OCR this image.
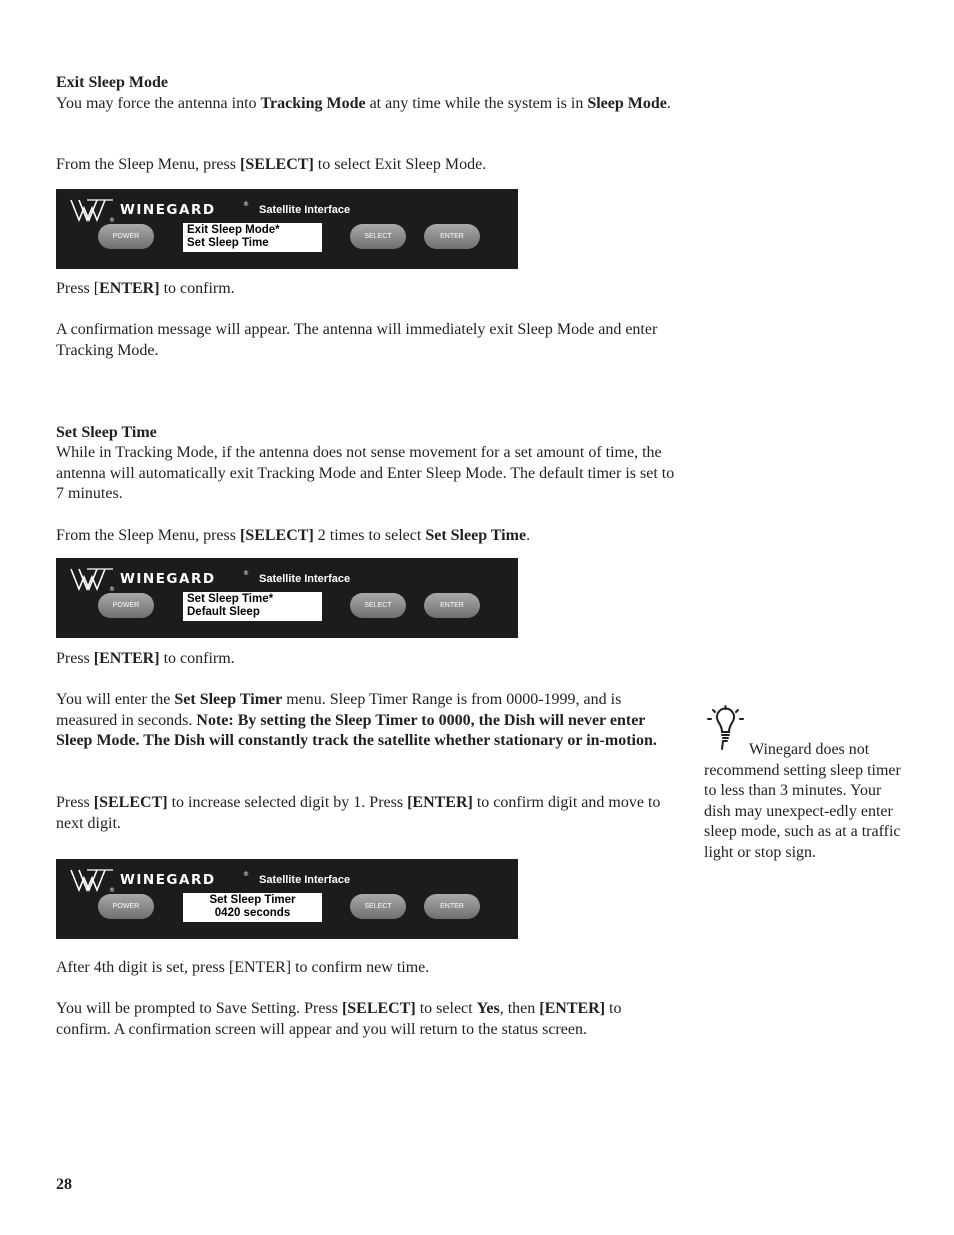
Exit Sleep Mode

You may force the antenna into Tracking Mode at any time while the system is in Sleep Mode.

From the Sleep Menu, press [SELECT] to select Exit Sleep Mode.

®
WINEGARD	® Satellite Interface
POWER
Exit Sleep Mode*
Set Sleep Time
SELECT	ENTER

Press [ENTER] to confirm.

A confirmation message will appear. The antenna will immediately exit Sleep Mode and enter Tracking Mode.

Set Sleep Time

While in Tracking Mode, if the antenna does not sense movement for a set amount of time, the antenna will automatically exit Tracking Mode and Enter Sleep Mode. The default timer is set to 7 minutes.

From the Sleep Menu, press [SELECT] 2 times to select Set Sleep Time.

®
WINEGARD	® Satellite Interface
POWER
Set Sleep Time*
Default Sleep
SELECT	ENTER

Press [ENTER] to confirm.

You will enter the Set Sleep Timer menu. Sleep Timer Range is from 0000-1999, and is measured in seconds. Note: By setting the Sleep Timer to 0000, the Dish will never enter Sleep Mode. The Dish will constantly track the satellite whether stationary or in-motion.

Press [SELECT] to increase selected digit by 1. Press [ENTER] to confirm digit and move to next digit.

®
WINEGARD	® Satellite Interface
POWER
Set Sleep Timer
0420 seconds
SELECT	ENTER

After 4th digit is set, press [ENTER] to confirm new time.

You will be prompted to Save Setting. Press [SELECT] to select Yes, then [ENTER] to confirm. A confirmation screen will appear and you will return to the status screen.

Winegard does not recommend setting sleep timer to less than 3 minutes. Your dish may unexpect-edly enter sleep mode, such as at a traffic light or stop sign.

28
